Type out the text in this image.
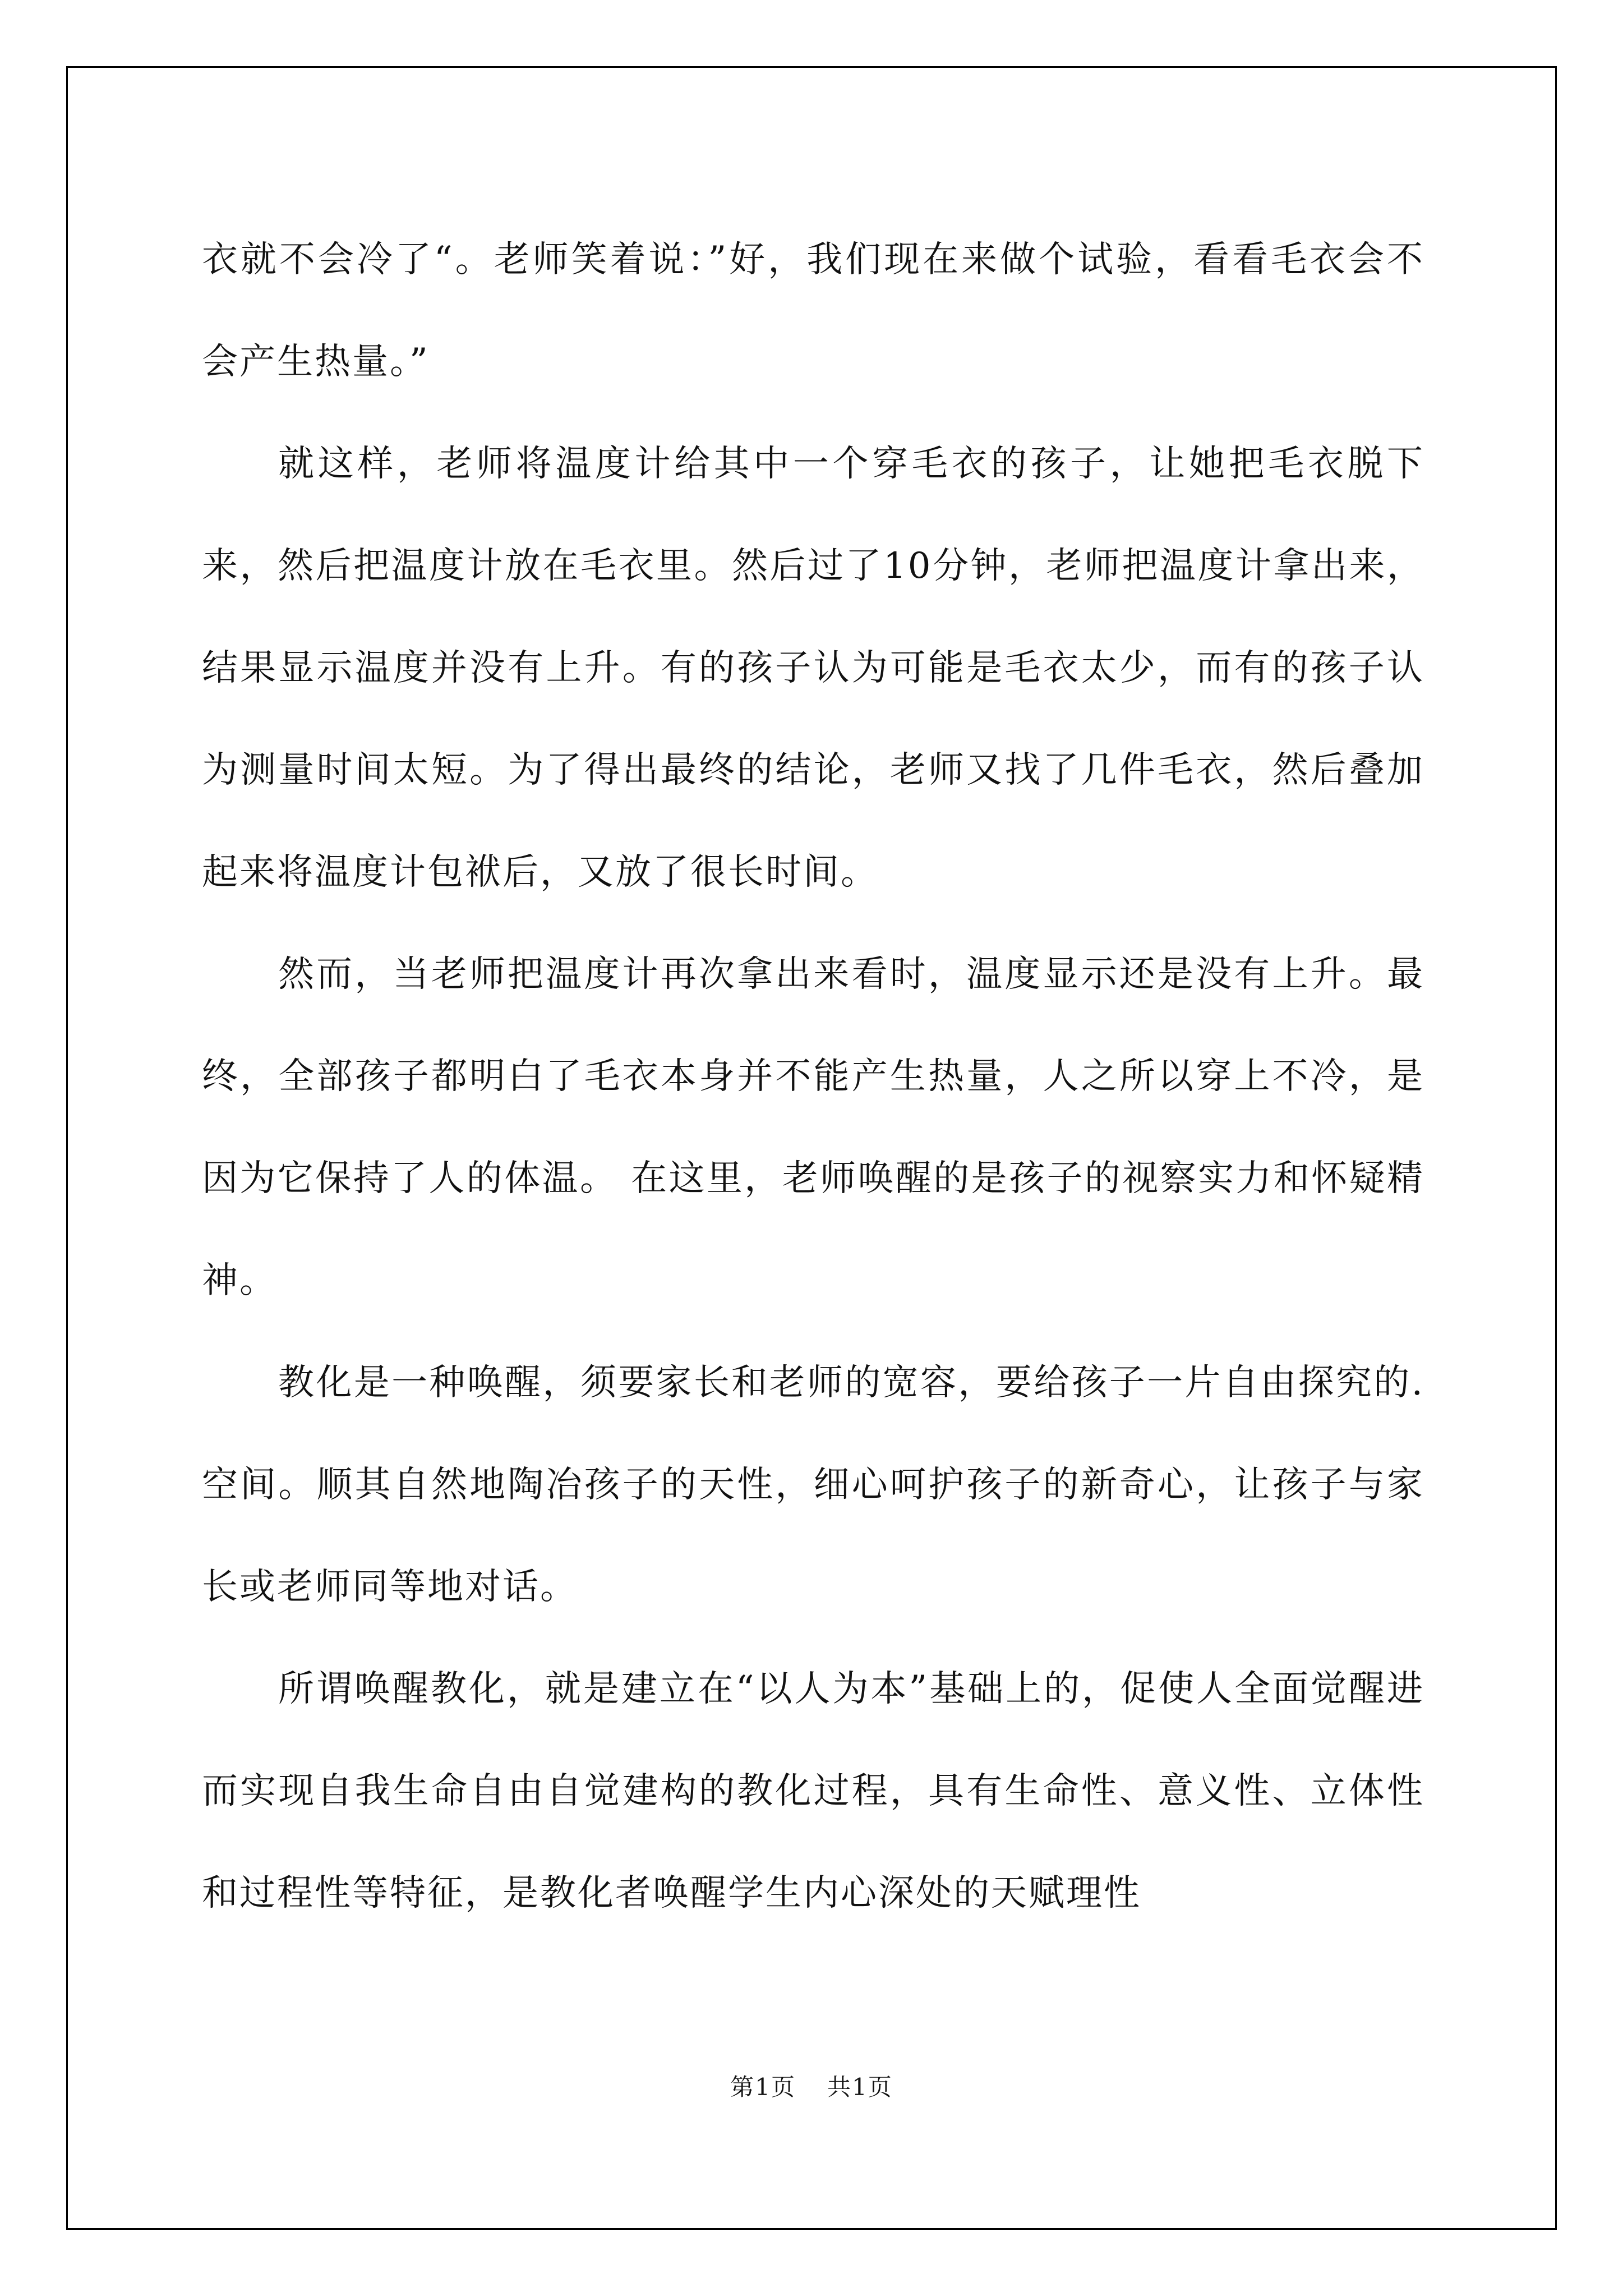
衣就不会冷了“。老师笑着说：”好，我们现在来做个试验，看看毛衣会不会产生热量。”

就这样，老师将温度计给其中一个穿毛衣的孩子，让她把毛衣脱下来，然后把温度计放在毛衣里。然后过了10分钟，老师把温度计拿出来，结果显示温度并没有上升。有的孩子认为可能是毛衣太少，而有的孩子认为测量时间太短。为了得出最终的结论，老师又找了几件毛衣，然后叠加起来将温度计包袱后，又放了很长时间。

然而，当老师把温度计再次拿出来看时，温度显示还是没有上升。最终，全部孩子都明白了毛衣本身并不能产生热量，人之所以穿上不冷，是因为它保持了人的体温。 在这里，老师唤醒的是孩子的视察实力和怀疑精神。

教化是一种唤醒，须要家长和老师的宽容，要给孩子一片自由探究的.空间。顺其自然地陶冶孩子的天性，细心呵护孩子的新奇心，让孩子与家长或老师同等地对话。

所谓唤醒教化，就是建立在“以人为本”基础上的，促使人全面觉醒进而实现自我生命自由自觉建构的教化过程，具有生命性、意义性、立体性和过程性等特征，是教化者唤醒学生内心深处的天赋理性

第1页 共1页
